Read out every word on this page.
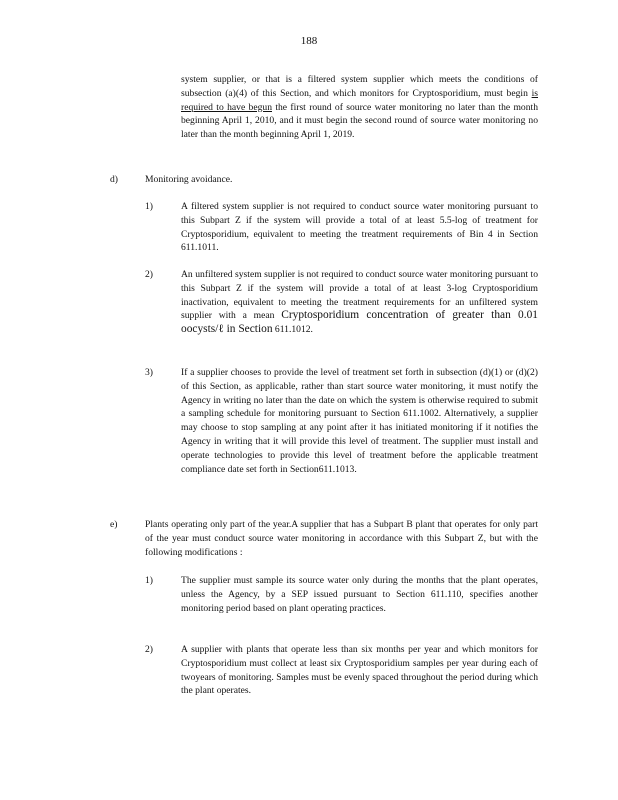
188
system supplier, or that is a filtered system supplier which meets the conditions of subsection (a)(4) of this Section, and which monitors for Cryptosporidium, must begin is required to have begun the first round of source water monitoring no later than the month beginning April 1, 2010, and it must begin the second round of source water monitoring no later than the month beginning April 1, 2019.
d)	Monitoring avoidance.
1)	A filtered system supplier is not required to conduct source water monitoring pursuant to this Subpart Z if the system will provide a total of at least 5.5-log of treatment for Cryptosporidium, equivalent to meeting the treatment requirements of Bin 4 in Section 611.1011.
2)	An unfiltered system supplier is not required to conduct source water monitoring pursuant to this Subpart Z if the system will provide a total of at least 3-log Cryptosporidium inactivation, equivalent to meeting the treatment requirements for an unfiltered system supplier with a mean Cryptosporidium concentration of greater than 0.01 oocysts/ℓ in Section 611.1012.
3)	If a supplier chooses to provide the level of treatment set forth in subsection (d)(1) or (d)(2) of this Section, as applicable, rather than start source water monitoring, it must notify the Agency in writing no later than the date on which the system is otherwise required to submit a sampling schedule for monitoring pursuant to Section 611.1002. Alternatively, a supplier may choose to stop sampling at any point after it has initiated monitoring if it notifies the Agency in writing that it will provide this level of treatment. The supplier must install and operate technologies to provide this level of treatment before the applicable treatment compliance date set forth in Section611.1013.
e)	Plants operating only part of the year.A supplier that has a Subpart B plant that operates for only part of the year must conduct source water monitoring in accordance with this Subpart Z, but with the following modifications :
1)	The supplier must sample its source water only during the months that the plant operates, unless the Agency, by a SEP issued pursuant to Section 611.110, specifies another monitoring period based on plant operating practices.
2)	A supplier with plants that operate less than six months per year and which monitors for Cryptosporidium must collect at least six Cryptosporidium samples per year during each of twoyears of monitoring. Samples must be evenly spaced throughout the period during which the plant operates.
